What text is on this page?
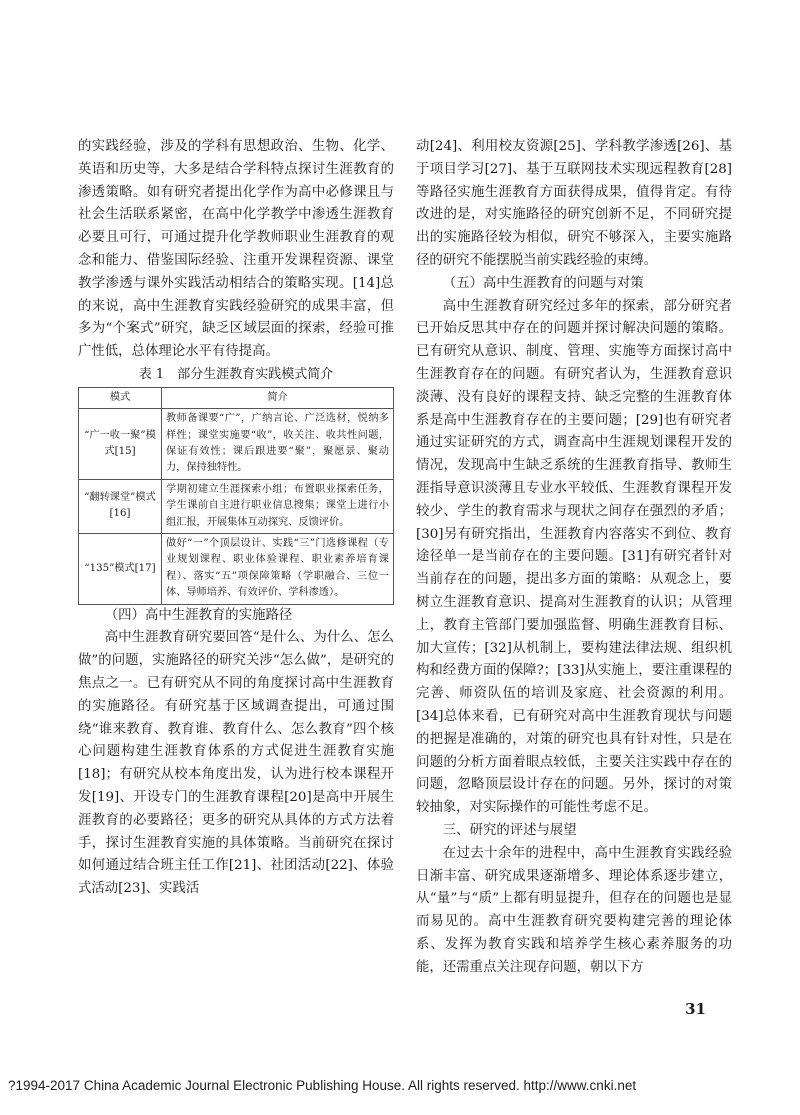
的实践经验，涉及的学科有思想政治、生物、化学、英语和历史等，大多是结合学科特点探讨生涯教育的渗透策略。如有研究者提出化学作为高中必修课且与社会生活联系紧密，在高中化学教学中渗透生涯教育必要且可行，可通过提升化学教师职业生涯教育的观念和能力、借鉴国际经验、注重开发课程资源、课堂教学渗透与课外实践活动相结合的策略实现。[14]总的来说，高中生涯教育实践经验研究的成果丰富，但多为“个案式”研究，缺乏区域层面的探索，经验可推广性低，总体理论水平有待提高。

表 1　部分生涯教育实践模式简介

模式	简介
“广一收一聚”模式[15]	教师备课要“广”，广纳言论、广泛选材，悦纳多样性；课堂实施要“收”，收关注、收共性问题，保证有效性；课后跟进要“聚”，聚愿景、聚动力，保持独特性。
“翻转课堂”模式[16]	学期初建立生涯探索小组；布置职业探索任务，学生课前自主进行职业信息搜集；课堂上进行小组汇报，开展集体互动探究、反馈评价。
“135”模式[17]	做好“一”个顶层设计、实践“三”门选修课程（专业规划课程、职业体验课程、职业素养培育课程）、落实“五”项保障策略（学职融合、三位一体、导师培养、有效评价、学科渗透）。

（四）高中生涯教育的实施路径

高中生涯教育研究要回答“是什么、为什么、怎么做”的问题，实施路径的研究关涉“怎么做”，是研究的焦点之一。已有研究从不同的角度探讨高中生涯教育的实施路径。有研究基于区域调查提出，可通过围绕“谁来教育、教育谁、教育什么、怎么教育”四个核心问题构建生涯教育体系的方式促进生涯教育实施[18]；有研究从校本角度出发，认为进行校本课程开发[19]、开设专门的生涯教育课程[20]是高中开展生涯教育的必要路径；更多的研究从具体的方式方法着手，探讨生涯教育实施的具体策略。当前研究在探讨如何通过结合班主任工作[21]、社团活动[22]、体验式活动[23]、实践活

动[24]、利用校友资源[25]、学科教学渗透[26]、基于项目学习[27]、基于互联网技术实现远程教育[28]等路径实施生涯教育方面获得成果，值得肯定。有待改进的是，对实施路径的研究创新不足，不同研究提出的实施路径较为相似，研究不够深入，主要实施路径的研究不能摆脱当前实践经验的束缚。

（五）高中生涯教育的问题与对策

高中生涯教育研究经过多年的探索，部分研究者已开始反思其中存在的问题并探讨解决问题的策略。已有研究从意识、制度、管理、实施等方面探讨高中生涯教育存在的问题。有研究者认为，生涯教育意识淡薄、没有良好的课程支持、缺乏完整的生涯教育体系是高中生涯教育存在的主要问题；[29]也有研究者通过实证研究的方式，调查高中生涯规划课程开发的情况，发现高中生缺乏系统的生涯教育指导、教师生涯指导意识淡薄且专业水平较低、生涯教育课程开发较少、学生的教育需求与现状之间存在强烈的矛盾；[30]另有研究指出，生涯教育内容落实不到位、教育途径单一是当前存在的主要问题。[31]有研究者针对当前存在的问题，提出多方面的策略：从观念上，要树立生涯教育意识、提高对生涯教育的认识；从管理上，教育主管部门要加强监督、明确生涯教育目标、加大宣传；[32]从机制上，要构建法律法规、组织机构和经费方面的保障?；[33]从实施上，要注重课程的完善、师资队伍的培训及家庭、社会资源的利用。[34]总体来看，已有研究对高中生涯教育现状与问题的把握是准确的，对策的研究也具有针对性，只是在问题的分析方面着眼点较低，主要关注实践中存在的问题，忽略顶层设计存在的问题。另外，探讨的对策较抽象，对实际操作的可能性考虑不足。

三、研究的评述与展望

在过去十余年的进程中，高中生涯教育实践经验日渐丰富、研究成果逐渐增多、理论体系逐步建立，从“量”与“质”上都有明显提升，但存在的问题也是显而易见的。高中生涯教育研究要构建完善的理论体系、发挥为教育实践和培养学生核心素养服务的功能，还需重点关注现存问题，朝以下方

31
?1994-2017 China Academic Journal Electronic Publishing House. All rights reserved. http://www.cnki.net
